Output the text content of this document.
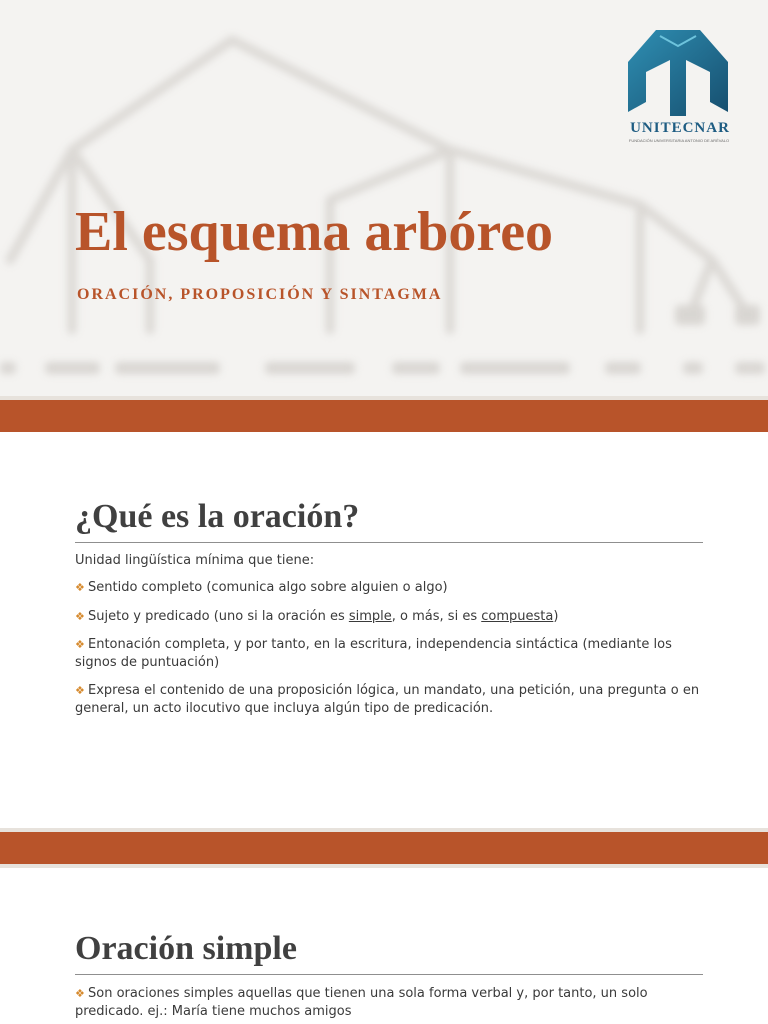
UNITECNAR
FUNDACIÓN UNIVERSITARIA ANTONIO DE ARÉVALO
El esquema arbóreo
ORACIÓN, PROPOSICIÓN Y SINTAGMA
¿Qué es la oración?

Unidad lingüística mínima que tiene:

❖ Sentido completo (comunica algo sobre alguien o algo)
❖ Sujeto y predicado (uno si la oración es simple, o más, si es compuesta)
❖ Entonación completa, y por tanto, en la escritura, independencia sintáctica (mediante los signos de puntuación)
❖ Expresa el contenido de una proposición lógica, un mandato, una petición, una pregunta o en general, un acto ilocutivo que incluya algún tipo de predicación.
Oración simple
❖ Son oraciones simples aquellas que tienen una sola forma verbal y, por tanto, un solo predicado. ej.: María tiene muchos amigos
